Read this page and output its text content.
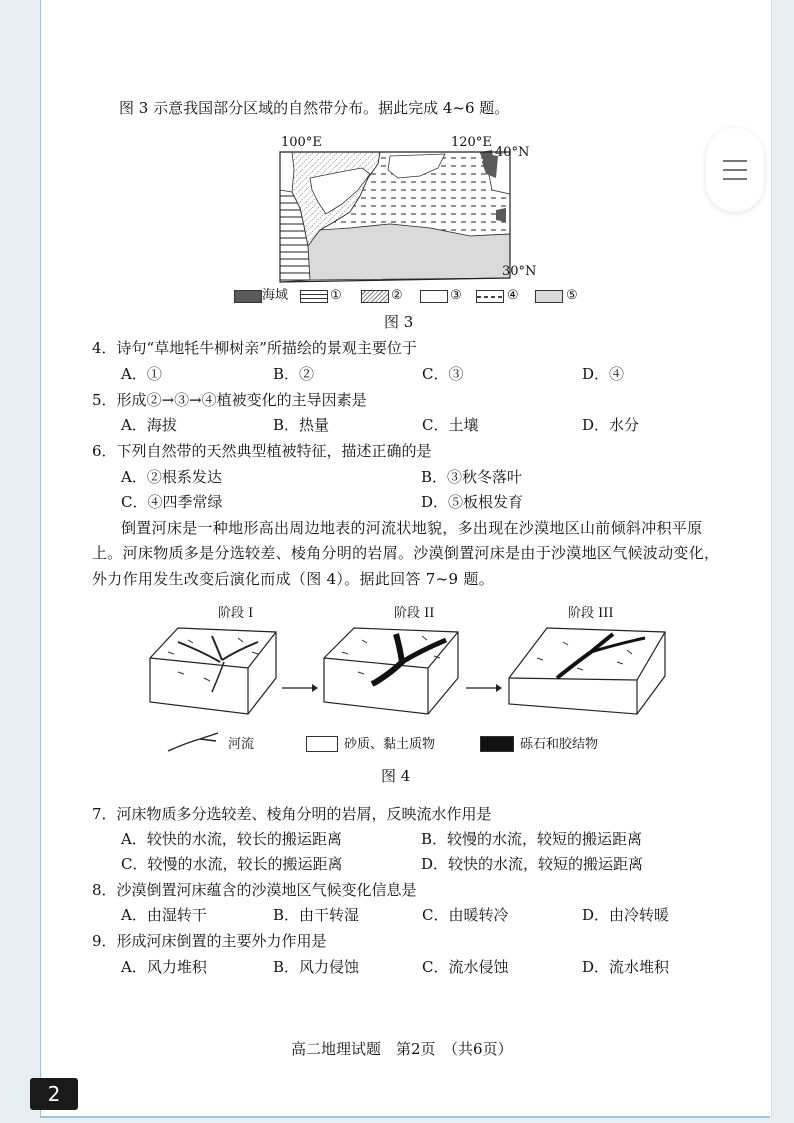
图 3 示意我国部分区域的自然带分布。据此完成 4~6 题。
100°E	120°E
40°N
30°N
海域	①	②	③	④	⑤
图 3
4．诗句“草地牦牛柳树亲”所描绘的景观主要位于
A．①	B．②	C．③	D．④
5．形成②→③→④植被变化的主导因素是
A．海拔	B．热量	C．土壤	D．水分
6．下列自然带的天然典型植被特征，描述正确的是
A．②根系发达	B．③秋冬落叶
C．④四季常绿	D．⑤板根发育
倒置河床是一种地形高出周边地表的河流状地貌，多出现在沙漠地区山前倾斜冲积平原
上。河床物质多是分选较差、棱角分明的岩屑。沙漠倒置河床是由于沙漠地区气候波动变化，
外力作用发生改变后演化而成（图 4）。据此回答 7~9 题。
阶段 I	阶段 II	阶段 III
河流	砂质、黏土质物	砾石和胶结物
图 4
7．河床物质多分选较差、棱角分明的岩屑，反映流水作用是
A．较快的水流，较长的搬运距离	B．较慢的水流，较短的搬运距离
C．较慢的水流，较长的搬运距离	D．较快的水流，较短的搬运距离
8．沙漠倒置河床蕴含的沙漠地区气候变化信息是
A．由湿转干	B．由干转湿	C．由暖转冷	D．由冷转暖
9．形成河床倒置的主要外力作用是
A．风力堆积	B．风力侵蚀	C．流水侵蚀	D．流水堆积
高二地理试题　第2页　（共6页）
2
